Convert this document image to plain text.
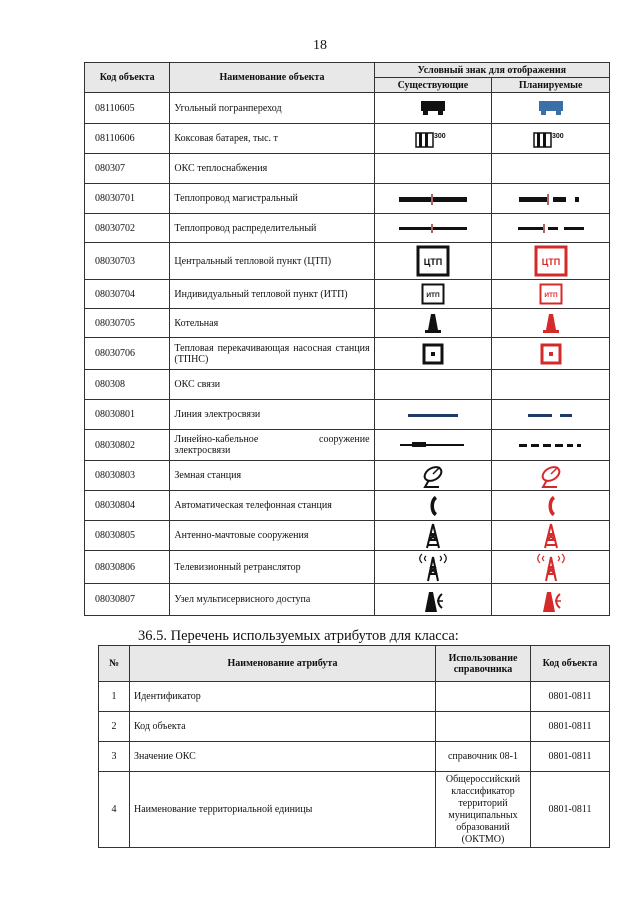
18
Код объекта	Наименование объекта	Условный знак для отображения	
		Существующие	Планируемые
08110605	Угольный погранпереход	

08110606	Коксовая батарея, тыс. т	300	300

080307	ОКС теплоснабжения		
08030701	Теплопровод магистральный	

08030702	Теплопровод распределительный	

08030703	Центральный тепловой пункт (ЦТП)	ЦТП	ЦТП

08030704	Индивидуальный тепловой пункт (ИТП)	ИТП	ИТП

08030705	Котельная	

08030706	Тепловая перекачивающая насосная станция (ТПНС)	

080308	ОКС связи		
08030801	Линия электросвязи	

08030802	Линейно-кабельное сооружение электросвязи	

08030803	Земная станция	

08030804	Автоматическая телефонная станция	

08030805	Антенно-мачтовые сооружения	

08030806	Телевизионный ретранслятор	

08030807	Узел мультисервисного доступа	

36.5. Перечень используемых атрибутов для класса:
№	Наименование атрибута	Использование справочника	Код объекта
1	Идентификатор		0801-0811
2	Код объекта		0801-0811
3	Значение ОКС	справочник 08-1	0801-0811
4	Наименование территориальной единицы	Общероссийский классификатор территорий муниципальных образований (ОКТМО)	0801-0811
